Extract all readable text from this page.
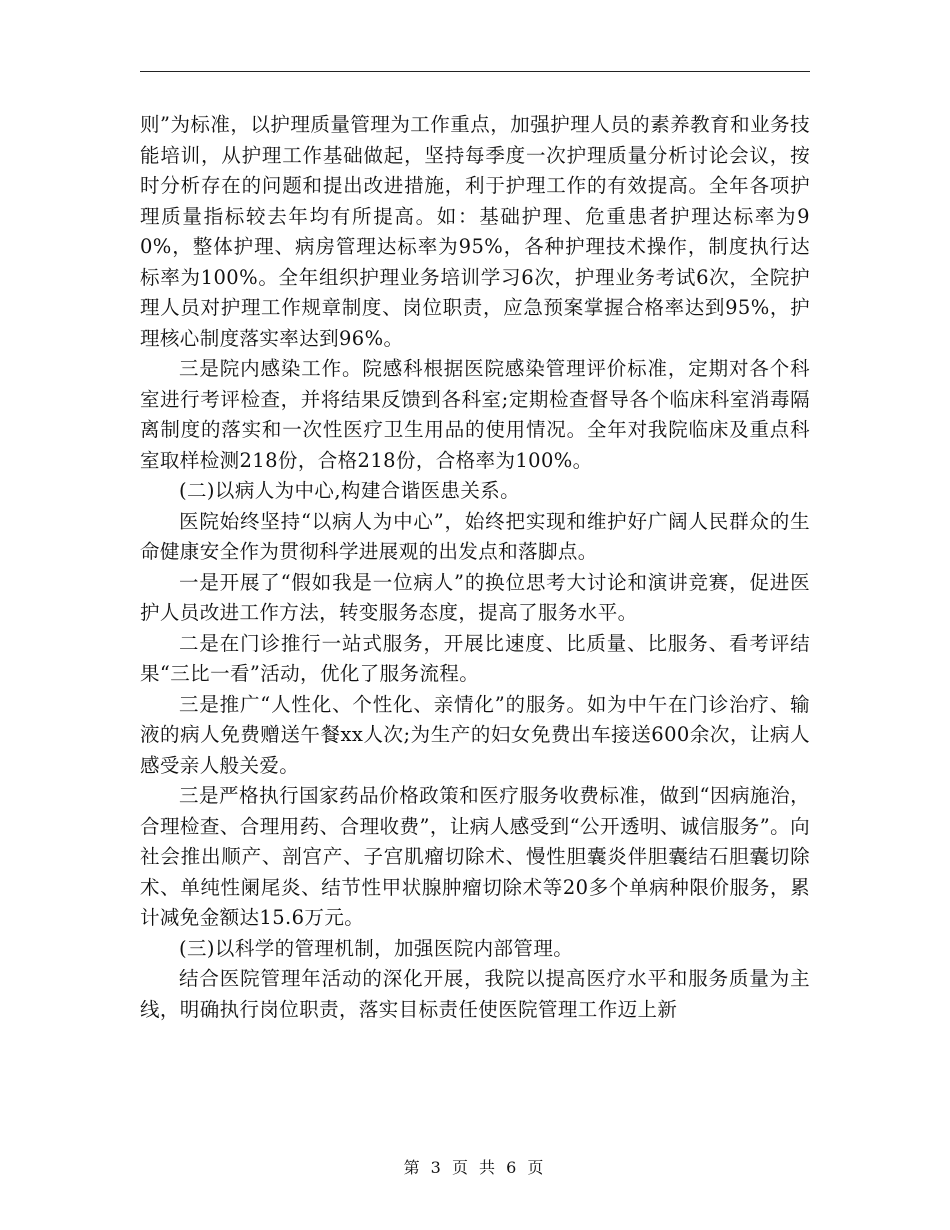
则”为标准，以护理质量管理为工作重点，加强护理人员的素养教育和业务技能培训，从护理工作基础做起，坚持每季度一次护理质量分析讨论会议，按时分析存在的问题和提出改进措施，利于护理工作的有效提高。全年各项护理质量指标较去年均有所提高。如：基础护理、危重患者护理达标率为90%，整体护理、病房管理达标率为95%，各种护理技术操作，制度执行达标率为100%。全年组织护理业务培训学习6次，护理业务考试6次，全院护理人员对护理工作规章制度、岗位职责，应急预案掌握合格率达到95%，护理核心制度落实率达到96%。

三是院内感染工作。院感科根据医院感染管理评价标准，定期对各个科室进行考评检查，并将结果反馈到各科室;定期检查督导各个临床科室消毒隔离制度的落实和一次性医疗卫生用品的使用情况。全年对我院临床及重点科室取样检测218份，合格218份，合格率为100%。

(二)以病人为中心,构建合谐医患关系。

医院始终坚持“以病人为中心”，始终把实现和维护好广阔人民群众的生命健康安全作为贯彻科学进展观的出发点和落脚点。

一是开展了“假如我是一位病人”的换位思考大讨论和演讲竞赛，促进医护人员改进工作方法，转变服务态度，提高了服务水平。

二是在门诊推行一站式服务，开展比速度、比质量、比服务、看考评结果“三比一看”活动，优化了服务流程。

三是推广“人性化、个性化、亲情化”的服务。如为中午在门诊治疗、输液的病人免费赠送午餐xx人次;为生产的妇女免费出车接送600余次，让病人感受亲人般关爱。

三是严格执行国家药品价格政策和医疗服务收费标准，做到“因病施治，合理检查、合理用药、合理收费”，让病人感受到“公开透明、诚信服务”。向社会推出顺产、剖宫产、子宫肌瘤切除术、慢性胆囊炎伴胆囊结石胆囊切除术、单纯性阑尾炎、结节性甲状腺肿瘤切除术等20多个单病种限价服务，累计减免金额达15.6万元。

(三)以科学的管理机制，加强医院内部管理。

结合医院管理年活动的深化开展，我院以提高医疗水平和服务质量为主线，明确执行岗位职责，落实目标责任使医院管理工作迈上新

第 3 页 共 6 页
